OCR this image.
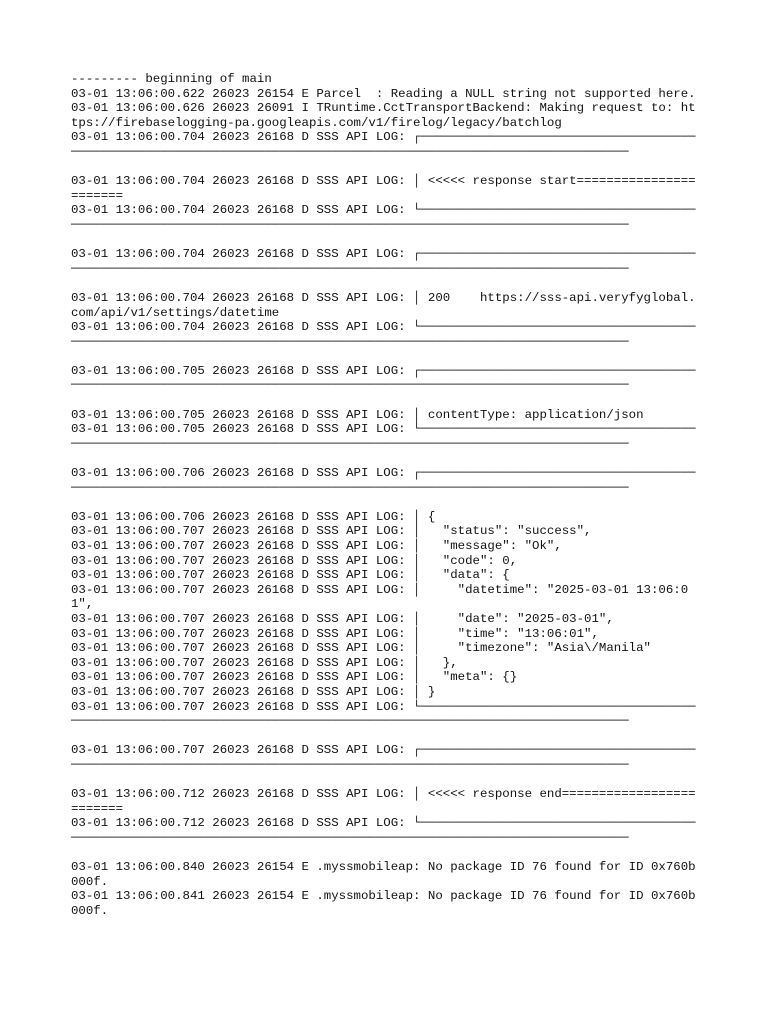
--------- beginning of main
03-01 13:06:00.622 26023 26154 E Parcel  : Reading a NULL string not supported here.
03-01 13:06:00.626 26023 26091 I TRuntime.CctTransportBackend: Making request to: https://firebaselogging-pa.googleapis.com/v1/firelog/legacy/batchlog
03-01 13:06:00.704 26023 26168 D SSS API LOG: ┌────────────────────────────────────────────────────────────────────────────────────────────────────────────────
03-01 13:06:00.704 26023 26168 D SSS API LOG: │ <<<<< response start=======================
03-01 13:06:00.704 26023 26168 D SSS API LOG: └────────────────────────────────────────────────────────────────────────────────────────────────────────────────
03-01 13:06:00.704 26023 26168 D SSS API LOG: ┌────────────────────────────────────────────────────────────────────────────────────────────────────────────────
03-01 13:06:00.704 26023 26168 D SSS API LOG: │ 200    https://sss-api.veryfyglobal.com/api/v1/settings/datetime
03-01 13:06:00.704 26023 26168 D SSS API LOG: └────────────────────────────────────────────────────────────────────────────────────────────────────────────────
03-01 13:06:00.705 26023 26168 D SSS API LOG: ┌────────────────────────────────────────────────────────────────────────────────────────────────────────────────
03-01 13:06:00.705 26023 26168 D SSS API LOG: │ contentType: application/json
03-01 13:06:00.705 26023 26168 D SSS API LOG: └────────────────────────────────────────────────────────────────────────────────────────────────────────────────
03-01 13:06:00.706 26023 26168 D SSS API LOG: ┌────────────────────────────────────────────────────────────────────────────────────────────────────────────────
03-01 13:06:00.706 26023 26168 D SSS API LOG: │ {
03-01 13:06:00.707 26023 26168 D SSS API LOG: │   "status": "success",
03-01 13:06:00.707 26023 26168 D SSS API LOG: │   "message": "Ok",
03-01 13:06:00.707 26023 26168 D SSS API LOG: │   "code": 0,
03-01 13:06:00.707 26023 26168 D SSS API LOG: │   "data": {
03-01 13:06:00.707 26023 26168 D SSS API LOG: │     "datetime": "2025-03-01 13:06:01",
03-01 13:06:00.707 26023 26168 D SSS API LOG: │     "date": "2025-03-01",
03-01 13:06:00.707 26023 26168 D SSS API LOG: │     "time": "13:06:01",
03-01 13:06:00.707 26023 26168 D SSS API LOG: │     "timezone": "Asia\/Manila"
03-01 13:06:00.707 26023 26168 D SSS API LOG: │   },
03-01 13:06:00.707 26023 26168 D SSS API LOG: │   "meta": {}
03-01 13:06:00.707 26023 26168 D SSS API LOG: │ }
03-01 13:06:00.707 26023 26168 D SSS API LOG: └────────────────────────────────────────────────────────────────────────────────────────────────────────────────
03-01 13:06:00.707 26023 26168 D SSS API LOG: ┌────────────────────────────────────────────────────────────────────────────────────────────────────────────────
03-01 13:06:00.712 26023 26168 D SSS API LOG: │ <<<<< response end=========================
03-01 13:06:00.712 26023 26168 D SSS API LOG: └────────────────────────────────────────────────────────────────────────────────────────────────────────────────
03-01 13:06:00.840 26023 26154 E .myssmobileap: No package ID 76 found for ID 0x760b000f.
03-01 13:06:00.841 26023 26154 E .myssmobileap: No package ID 76 found for ID 0x760b000f.
